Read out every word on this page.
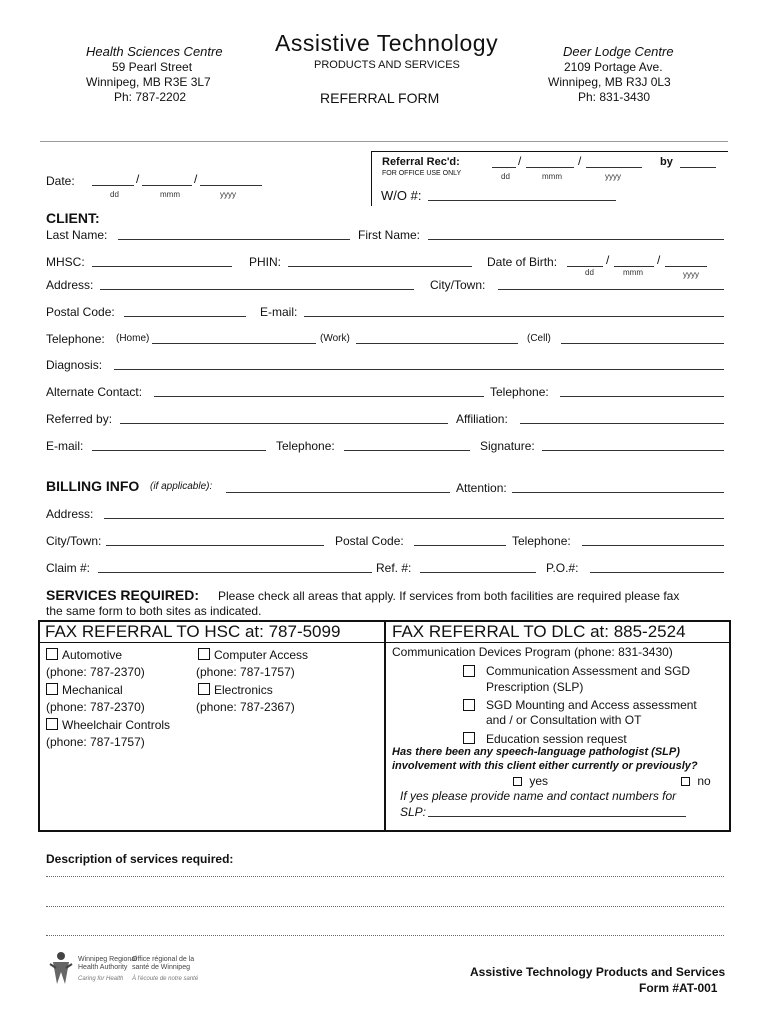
Health Sciences Centre
59 Pearl Street
Winnipeg, MB R3E 3L7
Ph: 787-2202
Assistive Technology
PRODUCTS AND SERVICES
REFERRAL FORM
Deer Lodge Centre
2109 Portage Ave.
Winnipeg, MB R3J 0L3
Ph: 831-3430
Referral Rec'd:
FOR OFFICE USE ONLY
/	/
dd	mmm	yyyy
by
W/O #:
Date:	/	/
dd	mmm	yyyy
CLIENT:
Last Name:	First Name:
MHSC:	PHIN:	Date of Birth:	/	/
dd	mmm	yyyy
Address:	City/Town:
Postal Code:	E-mail:
Telephone: (Home)	(Work)	(Cell)
Diagnosis:
Alternate Contact:	Telephone:
Referred by:	Affiliation:
E-mail:	Telephone:	Signature:
BILLING INFO (if applicable):	Attention:
Address:
City/Town:	Postal Code:	Telephone:
Claim #:	Ref. #:	P.O.#:
SERVICES REQUIRED: Please check all areas that apply. If services from both facilities are required please fax
the same form to both sites as indicated.
FAX REFERRAL TO HSC at: 787-5099	FAX REFERRAL TO DLC at: 885-2524
Automotive
(phone: 787-2370)
Mechanical
(phone: 787-2370)
Wheelchair Controls
(phone: 787-1757)
Computer Access
(phone: 787-1757)
Electronics
(phone: 787-2367)
Communication Devices Program (phone: 831-3430)
Communication Assessment and SGD
Prescription (SLP)
SGD Mounting and Access assessment
and / or Consultation with OT
Education session request
Has there been any speech-language pathologist (SLP)
involvement with this client either currently or previously?
yes	no
If yes please provide name and contact numbers for
SLP:
Description of services required:
Winnipeg Regional
Health Authority
Office régional de la
santé de Winnipeg
Caring for Health À l'écoute de notre santé	Assistive Technology Products and Services
Form #AT-001
